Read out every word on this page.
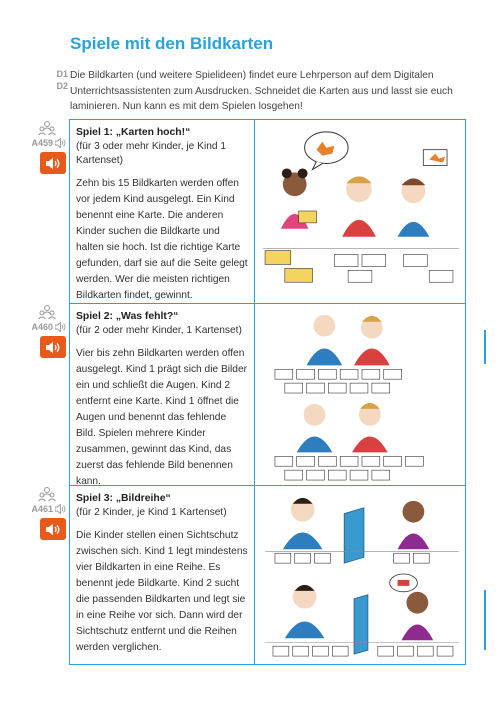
Spiele mit den Bildkarten
D1
D2

Die Bildkarten (und weitere Spielideen) findet eure Lehrperson auf dem Digitalen Unterrichtsassistenten zum Ausdrucken. Schneidet die Karten aus und lasst sie euch laminieren. Nun kann es mit dem Spielen losgehen!

A459
Spiel 1: „Karten hoch!“

(für 3 oder mehr Kinder, je Kind 1 Kartenset)

Zehn bis 15 Bildkarten werden offen vor jedem Kind ausgelegt. Ein Kind benennt eine Karte. Die anderen Kinder suchen die Bildkarte und halten sie hoch. Ist die richtige Karte gefunden, darf sie auf die Seite gelegt werden. Wer die meisten richtigen Bildkarten findet, gewinnt.

A460
Spiel 2: „Was fehlt?“

(für 2 oder mehr Kinder, 1 Kartenset)

Vier bis zehn Bildkarten werden offen ausgelegt. Kind 1 prägt sich die Bilder ein und schließt die Augen. Kind 2 entfernt eine Karte. Kind 1 öffnet die Augen und benennt das fehlende Bild. Spielen mehrere Kinder zusammen, gewinnt das Kind, das zuerst das fehlende Bild benennen kann.

A461
Spiel 3: „Bildreihe“

(für 2 Kinder, je Kind 1 Kartenset)

Die Kinder stellen einen Sichtschutz zwischen sich. Kind 1 legt mindestens vier Bildkarten in eine Reihe. Es benennt jede Bildkarte. Kind 2 sucht die passenden Bildkarten und legt sie in eine Reihe vor sich. Dann wird der Sichtschutz entfernt und die Reihen werden verglichen.
